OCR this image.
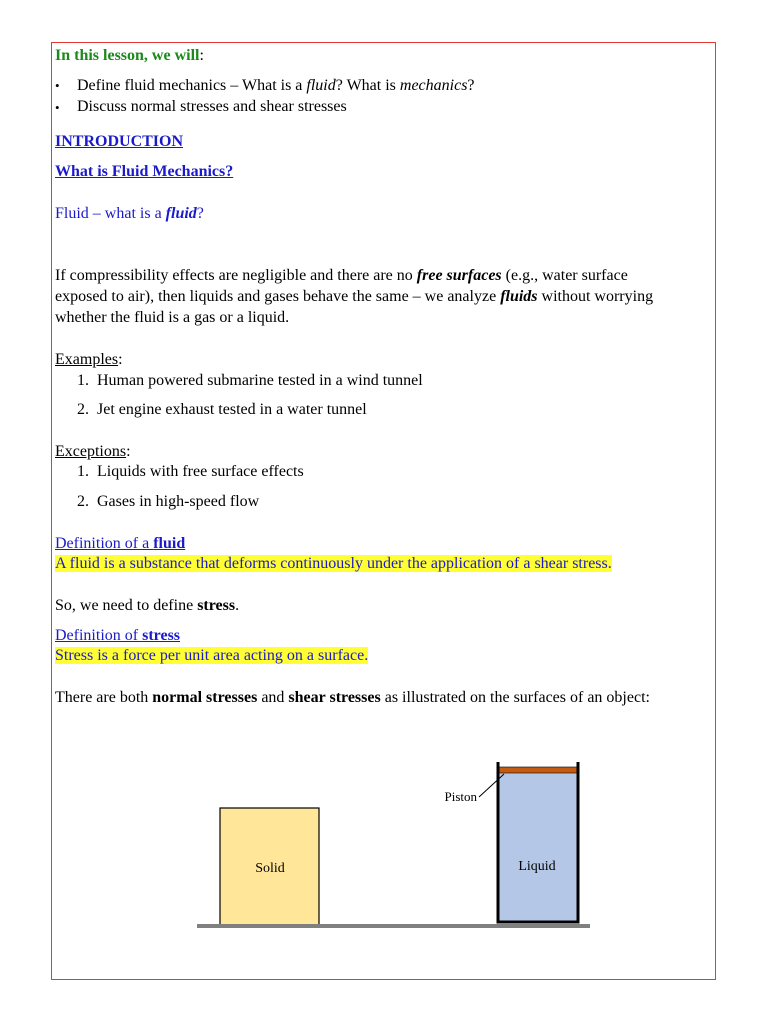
In this lesson, we will:
• Define fluid mechanics – What is a fluid? What is mechanics?
• Discuss normal stresses and shear stresses
INTRODUCTION
What is Fluid Mechanics?
Fluid – what is a fluid?
If compressibility effects are negligible and there are no free surfaces (e.g., water surface
exposed to air), then liquids and gases behave the same – we analyze fluids without worrying
whether the fluid is a gas or a liquid.
Examples:
1. Human powered submarine tested in a wind tunnel
2. Jet engine exhaust tested in a water tunnel
Exceptions:
1. Liquids with free surface effects
2. Gases in high-speed flow
Definition of a fluid
A fluid is a substance that deforms continuously under the application of a shear stress.
So, we need to define stress.
Definition of stress
Stress is a force per unit area acting on a surface.
There are both normal stresses and shear stresses as illustrated on the surfaces of an object:
Solid	Liquid
Piston
